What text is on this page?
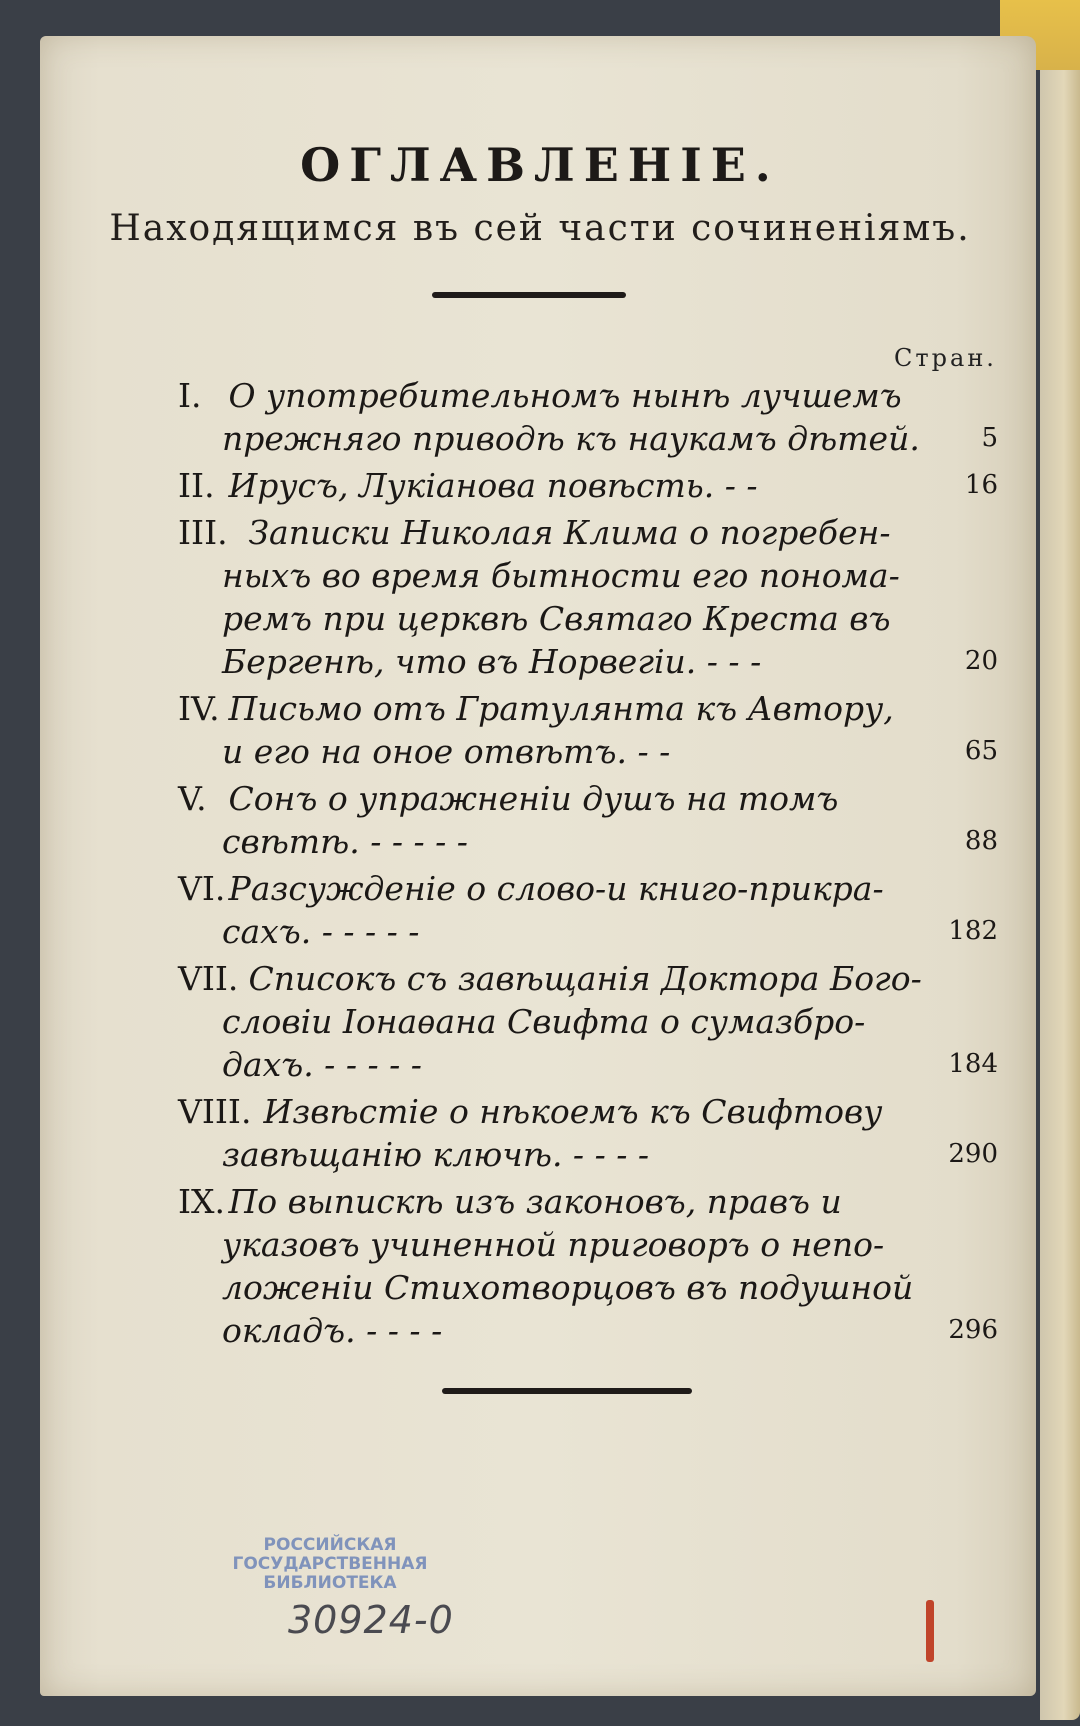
ОГЛАВЛЕНІЕ.
Находящимся въ сей части сочиненіямъ.
Стран.
I. О употребительномъ нынѣ лучшемъ
прежняго приводѣ къ наукамъ дѣтей. 5
II. Ирусъ, Лукіанова повѣсть. - -	16
III. Записки Николая Клима о погребен-
ныхъ во время бытности его понома-
ремъ при церквѣ Святаго Креста въ
Бергенѣ, что въ Норвегіи. - - -	20
IV. Письмо отъ Гратулянта къ Автору,
и его на оное отвѣтъ. - -	65
V. Сонъ о упражненіи душъ на томъ
свѣтѣ. - - - - -	88
VI. Разсужденіе о слово-и книго-прикра-
сахъ. - - - - -	182
VII. Списокъ съ завѣщанія Доктора Бого-
словіи Іонаѳана Свифта о сумазбро-
дахъ. - - - - -	184
VIII. Извѣстіе о нѣкоемъ къ Свифтову
завѣщанію ключѣ. - - - -	290
IX. По выпискѣ изъ законовъ, правъ и
указовъ учиненной приговоръ о непо-
ложеніи Стихотворцовъ въ подушной
окладъ. - - - -	296
РОССИЙСКАЯ
ГОСУДАРСТВЕННАЯ
БИБЛИОТЕКА
30924-0
